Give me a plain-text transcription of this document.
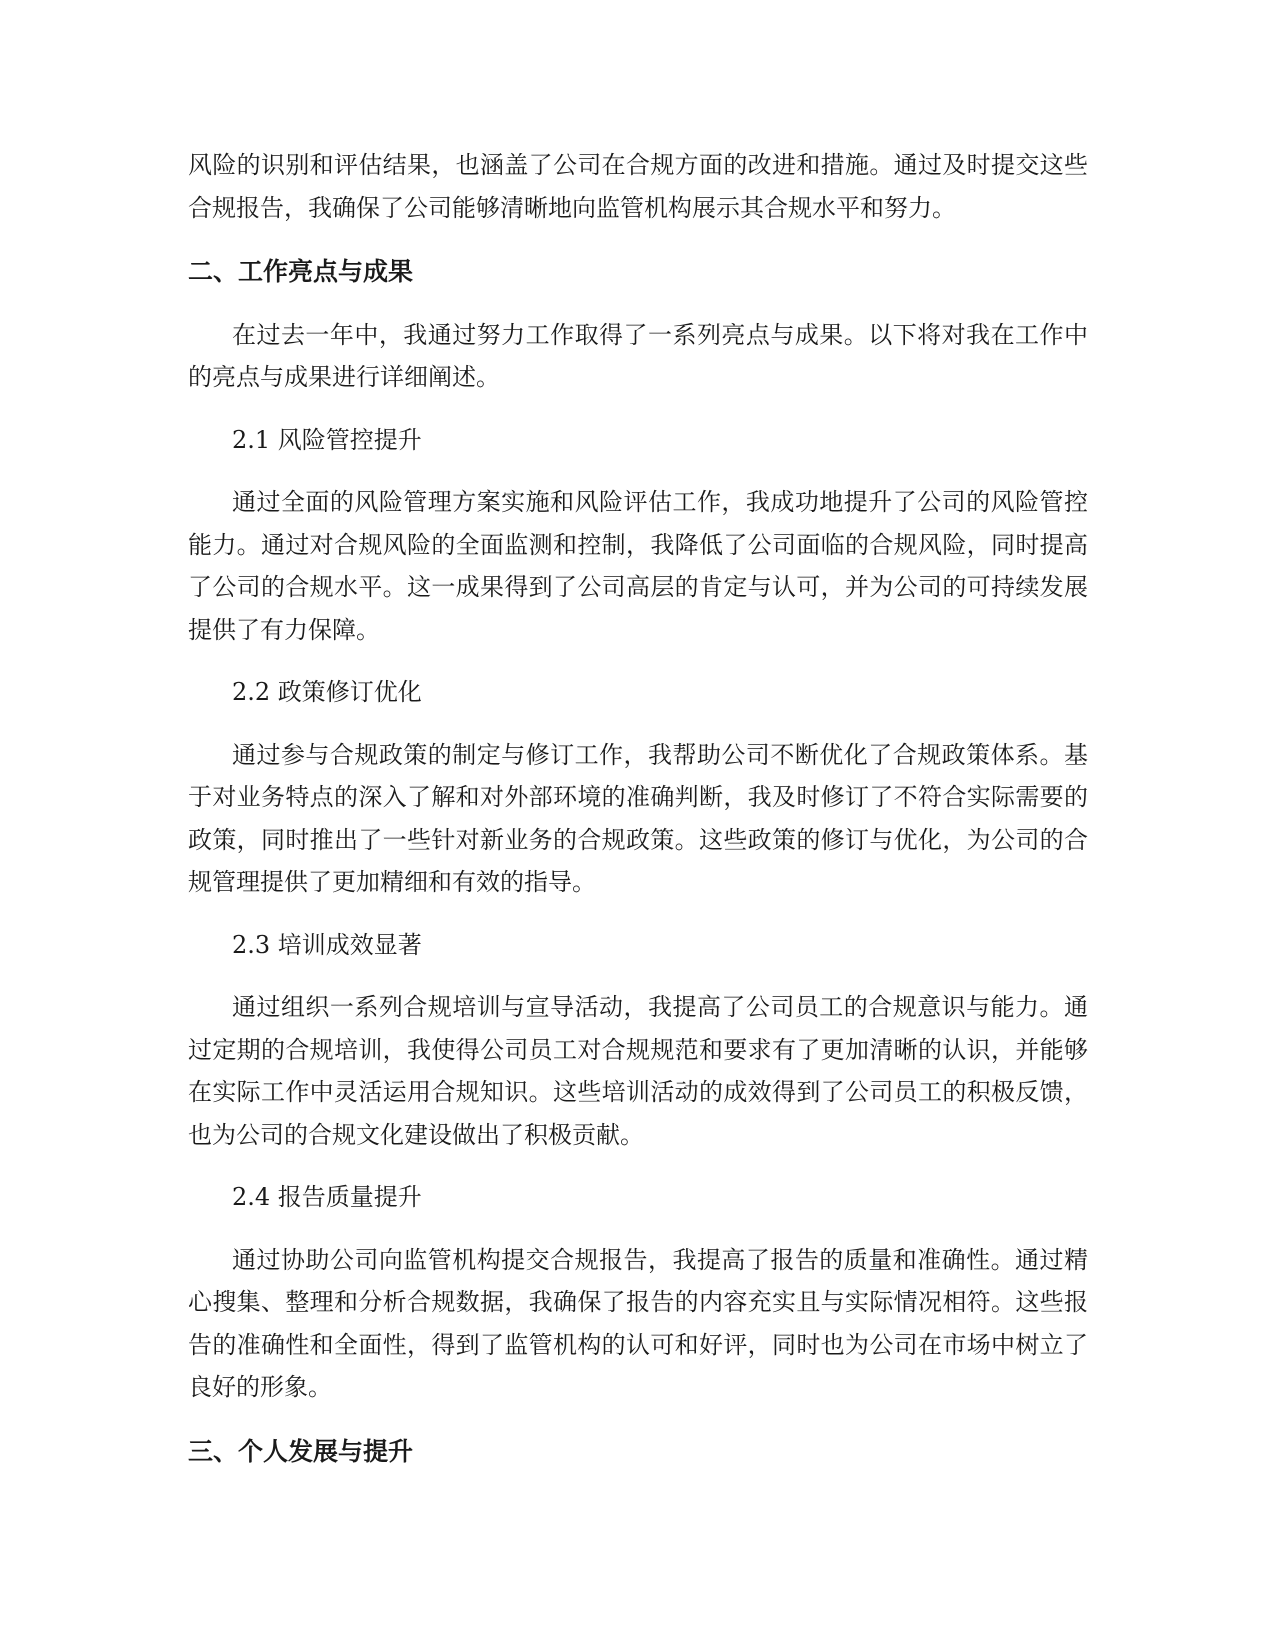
风险的识别和评估结果，也涵盖了公司在合规方面的改进和措施。通过及时提交这些合规报告，我确保了公司能够清晰地向监管机构展示其合规水平和努力。

二、工作亮点与成果

在过去一年中，我通过努力工作取得了一系列亮点与成果。以下将对我在工作中的亮点与成果进行详细阐述。

2.1 风险管控提升

通过全面的风险管理方案实施和风险评估工作，我成功地提升了公司的风险管控能力。通过对合规风险的全面监测和控制，我降低了公司面临的合规风险，同时提高了公司的合规水平。这一成果得到了公司高层的肯定与认可，并为公司的可持续发展提供了有力保障。

2.2 政策修订优化

通过参与合规政策的制定与修订工作，我帮助公司不断优化了合规政策体系。基于对业务特点的深入了解和对外部环境的准确判断，我及时修订了不符合实际需要的政策，同时推出了一些针对新业务的合规政策。这些政策的修订与优化，为公司的合规管理提供了更加精细和有效的指导。

2.3 培训成效显著

通过组织一系列合规培训与宣导活动，我提高了公司员工的合规意识与能力。通过定期的合规培训，我使得公司员工对合规规范和要求有了更加清晰的认识，并能够在实际工作中灵活运用合规知识。这些培训活动的成效得到了公司员工的积极反馈，也为公司的合规文化建设做出了积极贡献。

2.4 报告质量提升

通过协助公司向监管机构提交合规报告，我提高了报告的质量和准确性。通过精心搜集、整理和分析合规数据，我确保了报告的内容充实且与实际情况相符。这些报告的准确性和全面性，得到了监管机构的认可和好评，同时也为公司在市场中树立了良好的形象。

三、个人发展与提升
